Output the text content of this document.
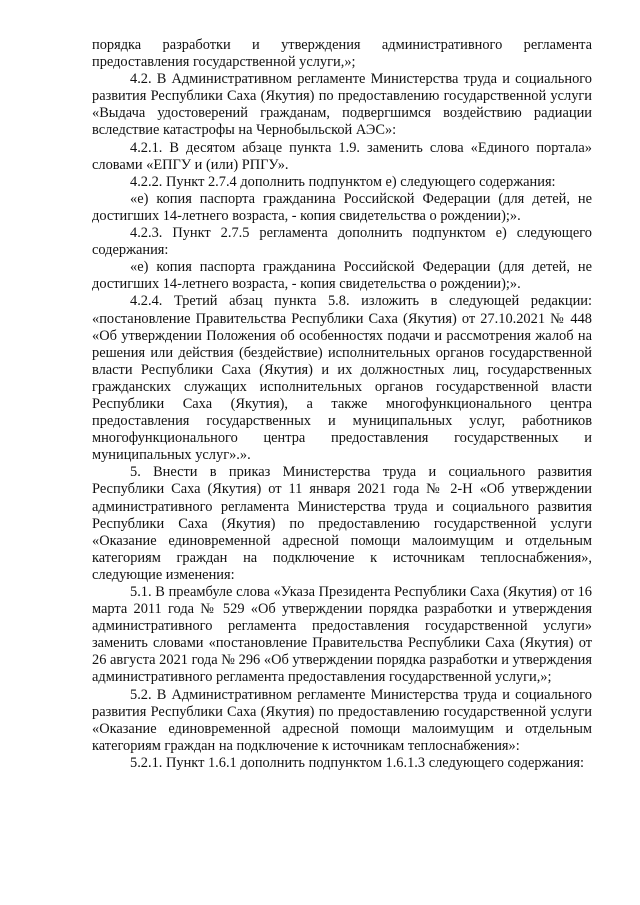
порядка разработки и утверждения административного регламента предоставления государственной услуги,»;

4.2. В Административном регламенте Министерства труда и социального развития Республики Саха (Якутия) по предоставлению государственной услуги «Выдача удостоверений гражданам, подвергшимся воздействию радиации вследствие катастрофы на Чернобыльской АЭС»:

4.2.1. В десятом абзаце пункта 1.9. заменить слова «Единого портала» словами «ЕПГУ и (или) РПГУ».

4.2.2. Пункт 2.7.4 дополнить подпунктом е) следующего содержания:

«е) копия паспорта гражданина Российской Федерации (для детей, не достигших 14-летнего возраста, - копия свидетельства о рождении);».

4.2.3. Пункт 2.7.5 регламента дополнить подпунктом е) следующего содержания:

«е) копия паспорта гражданина Российской Федерации (для детей, не достигших 14-летнего возраста, - копия свидетельства о рождении);».

4.2.4. Третий абзац пункта 5.8. изложить в следующей редакции: «постановление Правительства Республики Саха (Якутия) от 27.10.2021 № 448 «Об утверждении Положения об особенностях подачи и рассмотрения жалоб на решения или действия (бездействие) исполнительных органов государственной власти Республики Саха (Якутия) и их должностных лиц, государственных гражданских служащих исполнительных органов государственной власти Республики Саха (Якутия), а также многофункционального центра предоставления государственных и муниципальных услуг, работников многофункционального центра предоставления государственных и муниципальных услуг».».

5. Внести в приказ Министерства труда и социального развития Республики Саха (Якутия) от 11 января 2021 года № 2-Н «Об утверждении административного регламента Министерства труда и социального развития Республики Саха (Якутия) по предоставлению государственной услуги «Оказание единовременной адресной помощи малоимущим и отдельным категориям граждан на подключение к источникам теплоснабжения», следующие изменения:

5.1. В преамбуле слова «Указа Президента Республики Саха (Якутия) от 16 марта 2011 года № 529 «Об утверждении порядка разработки и утверждения административного регламента предоставления государственной услуги» заменить словами «постановление Правительства Республики Саха (Якутия) от 26 августа 2021 года № 296 «Об утверждении порядка разработки и утверждения административного регламента предоставления государственной услуги,»;

5.2. В Административном регламенте Министерства труда и социального развития Республики Саха (Якутия) по предоставлению государственной услуги «Оказание единовременной адресной помощи малоимущим и отдельным категориям граждан на подключение к источникам теплоснабжения»:

5.2.1. Пункт 1.6.1 дополнить подпунктом 1.6.1.3 следующего содержания:
